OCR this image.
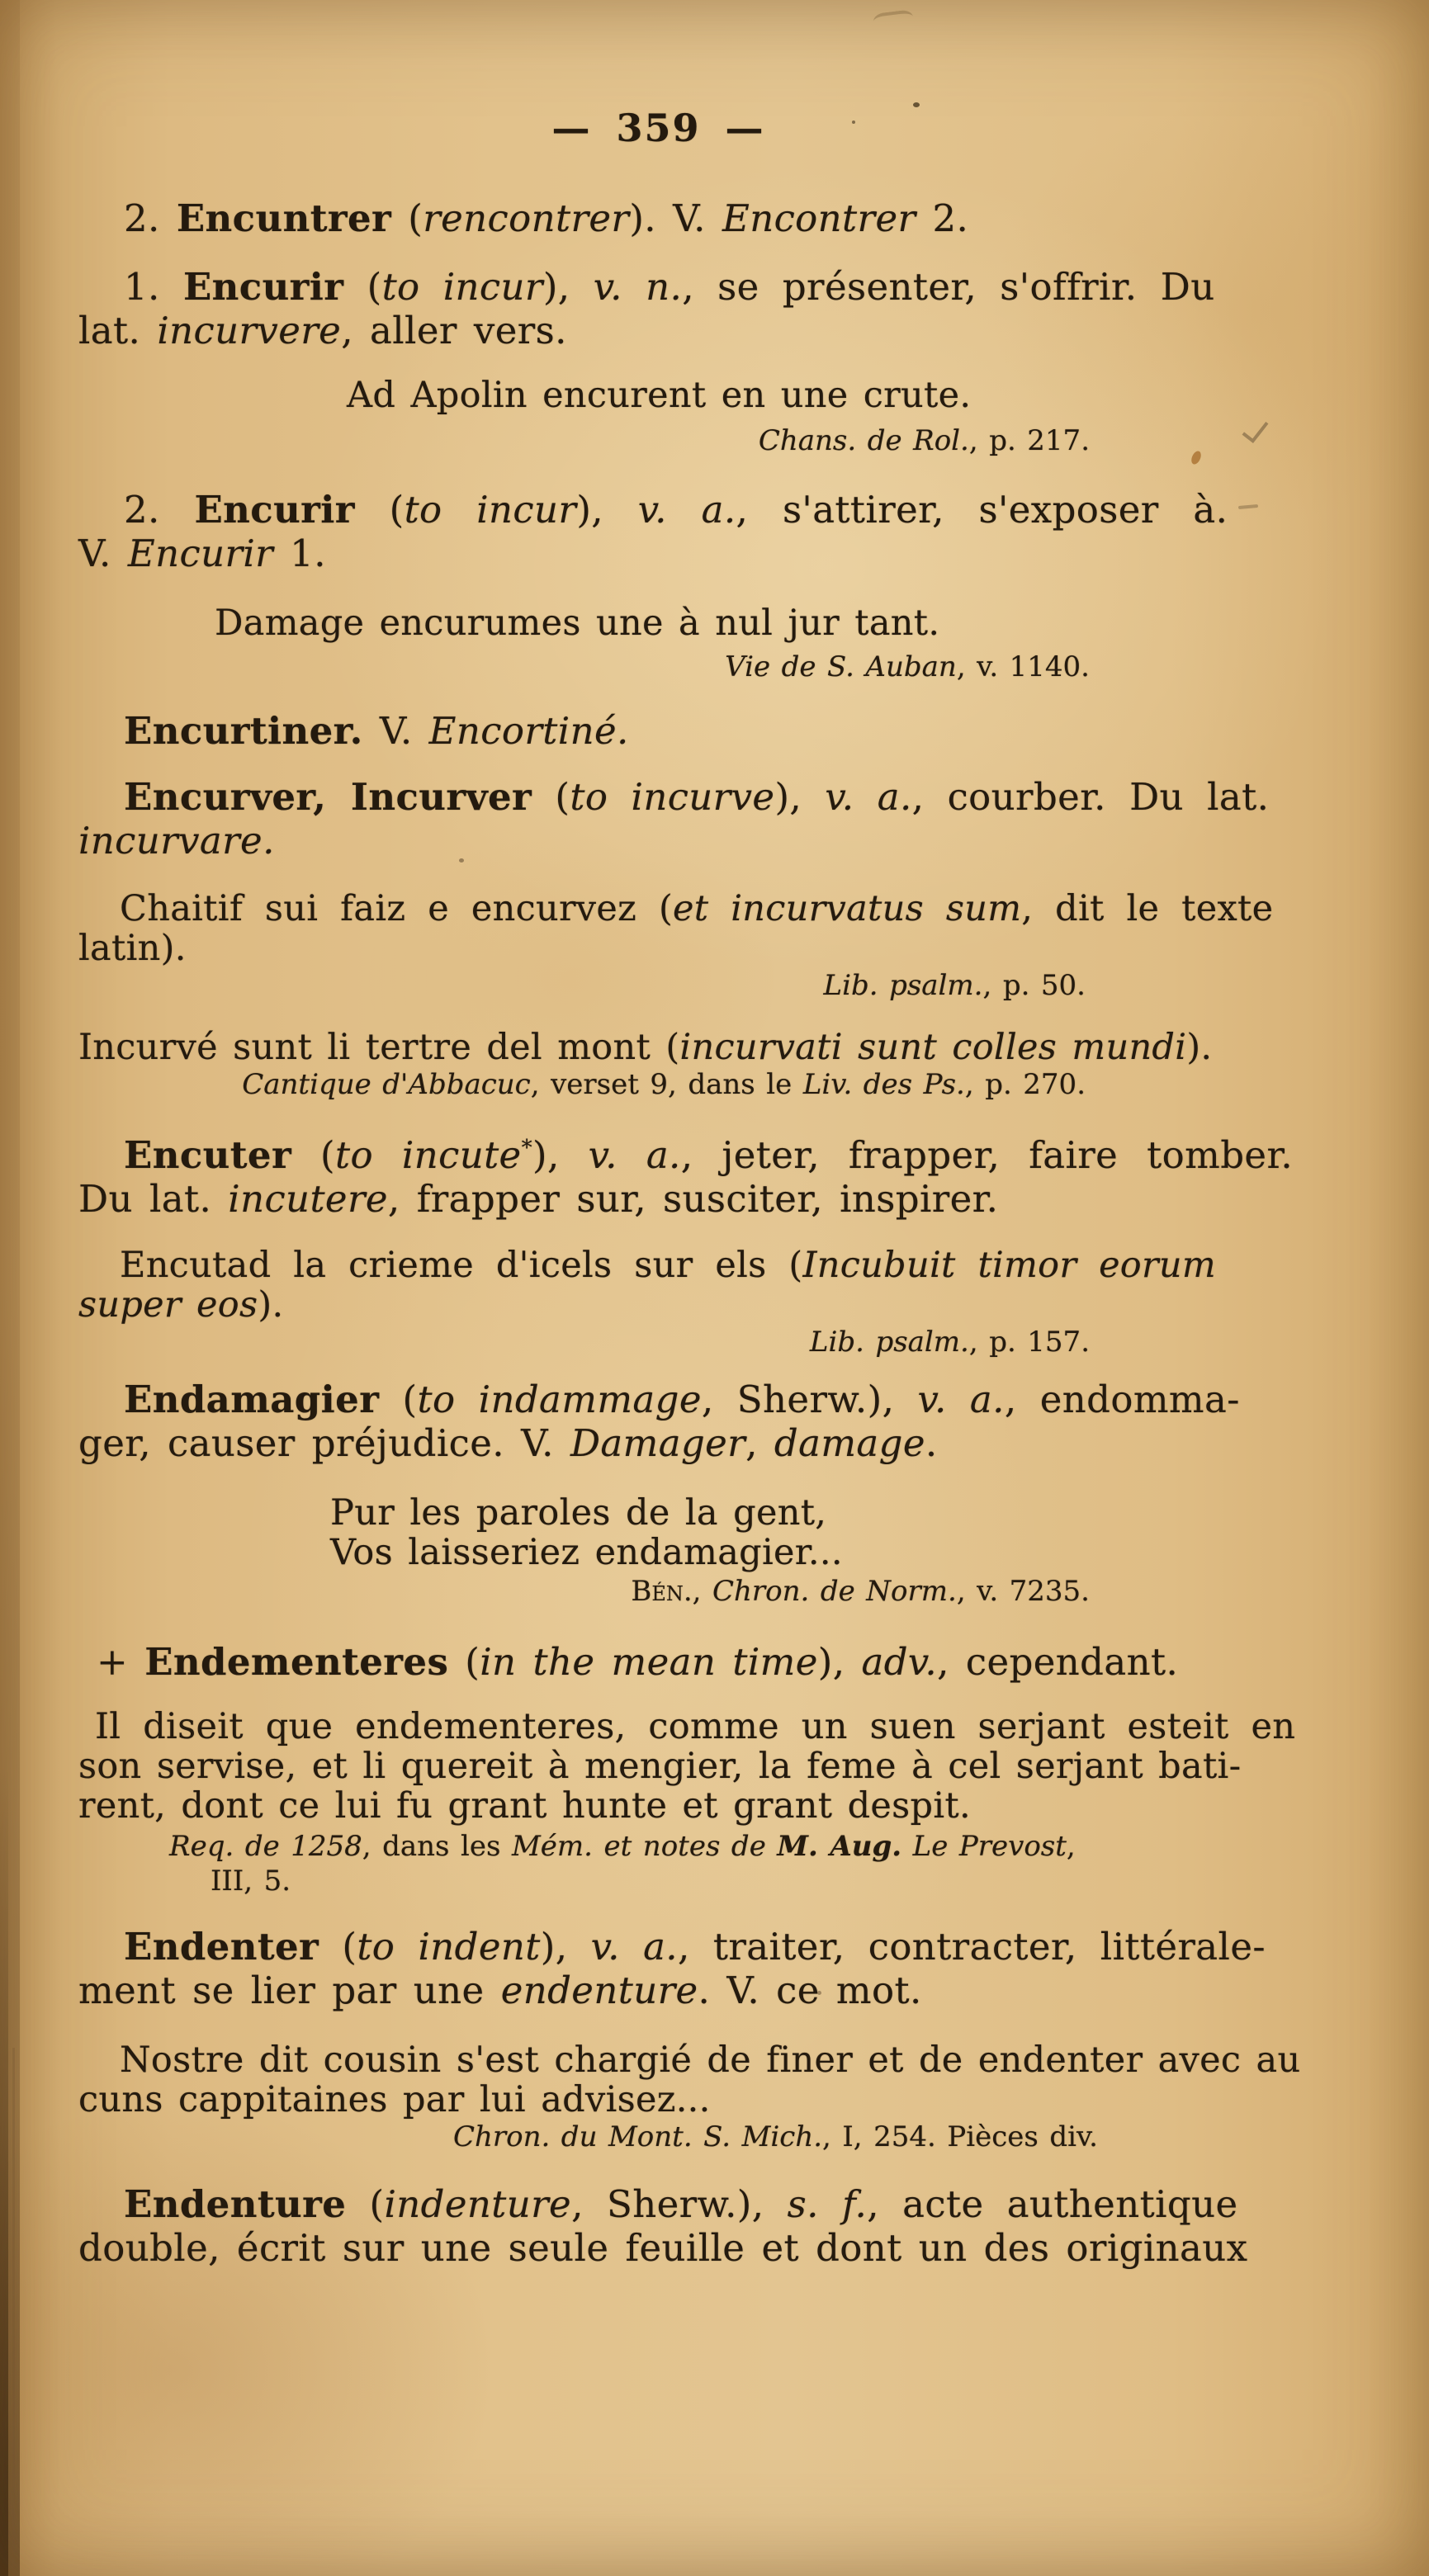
— 359 —
2. Encuntrer (rencontrer). V. Encontrer 2.
1. Encurir (to incur), v. n., se présenter, s'offrir. Du
lat. incurvere, aller vers.
Ad Apolin encurent en une crute.
Chans. de Rol., p. 217.
2. Encurir (to incur), v. a., s'attirer, s'exposer à.
V. Encurir 1.
Damage encurumes une à nul jur tant.
Vie de S. Auban, v. 1140.
Encurtiner. V. Encortiné.
Encurver, Incurver (to incurve), v. a., courber. Du lat.
incurvare.
Chaitif sui faiz e encurvez (et incurvatus sum, dit le texte
latin).
Lib. psalm., p. 50.
Incurvé sunt li tertre del mont (incurvati sunt colles mundi).
Cantique d'Abbacuc, verset 9, dans le Liv. des Ps., p. 270.
Encuter (to incute*), v. a., jeter, frapper, faire tomber.
Du lat. incutere, frapper sur, susciter, inspirer.
Encutad la crieme d'icels sur els (Incubuit timor eorum
super eos).
Lib. psalm., p. 157.
Endamagier (to indammage, Sherw.), v. a., endomma-
ger, causer préjudice. V. Damager, damage.
Pur les paroles de la gent,
Vos laisseriez endamagier...
Bén., Chron. de Norm., v. 7235.
+ Endementeres (in the mean time), adv., cependant.
Il diseit que endementeres, comme un suen serjant esteit en
son servise, et li quereit à mengier, la feme à cel serjant bati-
rent, dont ce lui fu grant hunte et grant despit.
Req. de 1258, dans les Mém. et notes de M. Aug. Le Prevost,
III, 5.
Endenter (to indent), v. a., traiter, contracter, littérale-
ment se lier par une endenture. V. ce mot.
Nostre dit cousin s'est chargié de finer et de endenter avec au
cuns cappitaines par lui advisez...
Chron. du Mont. S. Mich., I, 254. Pièces div.
Endenture (indenture, Sherw.), s. f., acte authentique
double, écrit sur une seule feuille et dont un des originaux
